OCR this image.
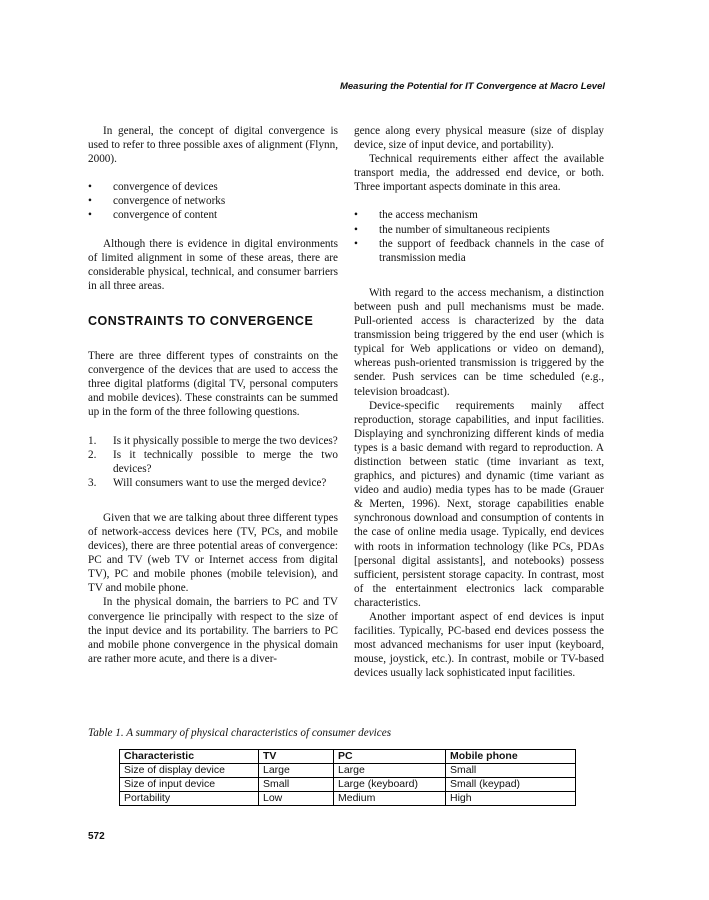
Measuring the Potential for IT Convergence at Macro Level

In general, the concept of digital convergence is used to refer to three possible axes of alignment (Flynn, 2000).

• convergence of devices
• convergence of networks
• convergence of content

Although there is evidence in digital environments of limited alignment in some of these areas, there are considerable physical, technical, and consumer barriers in all three areas.

CONSTRAINTS TO CONVERGENCE

There are three different types of constraints on the convergence of the devices that are used to access the three digital platforms (digital TV, personal computers and mobile devices). These constraints can be summed up in the form of the three following questions.

1. Is it physically possible to merge the two devices?
2. Is it technically possible to merge the two devices?
3. Will consumers want to use the merged device?

Given that we are talking about three different types of network-access devices here (TV, PCs, and mobile devices), there are three potential areas of convergence: PC and TV (web TV or Internet access from digital TV), PC and mobile phones (mobile television), and TV and mobile phone.

In the physical domain, the barriers to PC and TV convergence lie principally with respect to the size of the input device and its portability. The barriers to PC and mobile phone convergence in the physical domain are rather more acute, and there is a diver-

gence along every physical measure (size of display device, size of input device, and portability).

Technical requirements either affect the available transport media, the addressed end device, or both. Three important aspects dominate in this area.

• the access mechanism
• the number of simultaneous recipients
• the support of feedback channels in the case of transmission media

With regard to the access mechanism, a distinction between push and pull mechanisms must be made. Pull-oriented access is characterized by the data transmission being triggered by the end user (which is typical for Web applications or video on demand), whereas push-oriented transmission is triggered by the sender. Push services can be time scheduled (e.g., television broadcast).

Device-specific requirements mainly affect reproduction, storage capabilities, and input facilities. Displaying and synchronizing different kinds of media types is a basic demand with regard to reproduction. A distinction between static (time invariant as text, graphics, and pictures) and dynamic (time variant as video and audio) media types has to be made (Grauer & Merten, 1996). Next, storage capabilities enable synchronous download and consumption of contents in the case of online media usage. Typically, end devices with roots in information technology (like PCs, PDAs [personal digital assistants], and notebooks) possess sufficient, persistent storage capacity. In contrast, most of the entertainment electronics lack comparable characteristics.

Another important aspect of end devices is input facilities. Typically, PC-based end devices possess the most advanced mechanisms for user input (keyboard, mouse, joystick, etc.). In contrast, mobile or TV-based devices usually lack sophisticated input facilities.

Table 1. A summary of physical characteristics of consumer devices
Characteristic	TV	PC	Mobile phone
Size of display device	Large	Large	Small
Size of input device	Small	Large (keyboard)	Small (keypad)
Portability	Low	Medium	High
572
